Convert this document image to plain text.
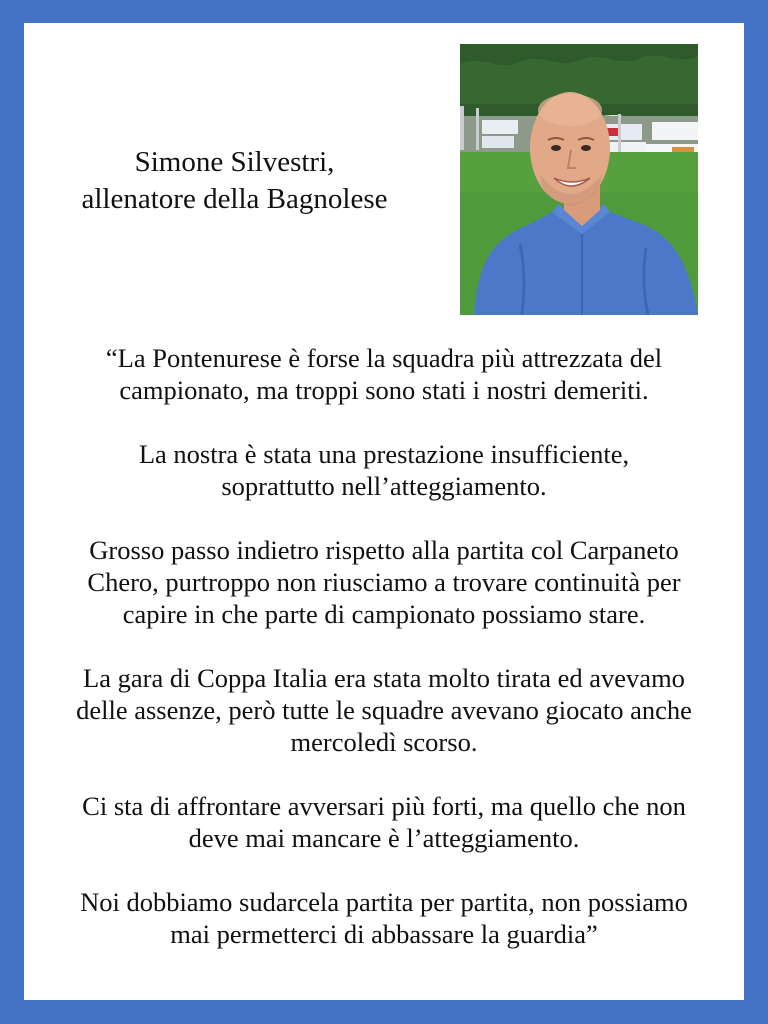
Simone Silvestri,
allenatore della Bagnolese

“La Pontenurese è forse la squadra più attrezzata del
campionato, ma troppi sono stati i nostri demeriti.

La nostra è stata una prestazione insufficiente,
soprattutto nell’atteggiamento.

Grosso passo indietro rispetto alla partita col Carpaneto
Chero, purtroppo non riusciamo a trovare continuità per
capire in che parte di campionato possiamo stare.

La gara di Coppa Italia era stata molto tirata ed avevamo
delle assenze, però tutte le squadre avevano giocato anche
mercoledì scorso.

Ci sta di affrontare avversari più forti, ma quello che non
deve mai mancare è l’atteggiamento.

Noi dobbiamo sudarcela partita per partita, non possiamo
mai permetterci di abbassare la guardia”
